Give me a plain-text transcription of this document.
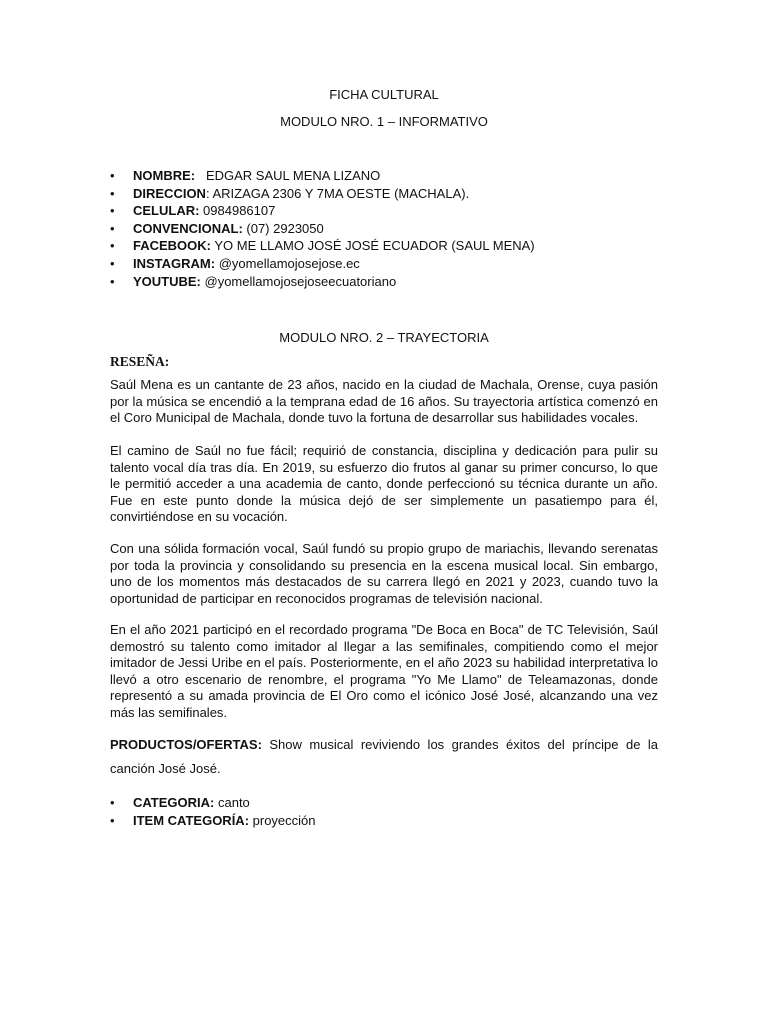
FICHA CULTURAL
MODULO NRO. 1 – INFORMATIVO
• NOMBRE:   EDGAR SAUL MENA LIZANO
• DIRECCION: ARIZAGA 2306 Y 7MA OESTE (MACHALA).
• CELULAR: 0984986107
• CONVENCIONAL: (07) 2923050
• FACEBOOK: YO ME LLAMO JOSÉ JOSÉ ECUADOR (SAUL MENA)
• INSTAGRAM: @yomellamojosejose.ec
• YOUTUBE: @yomellamojosejoseecuatoriano
MODULO NRO. 2 – TRAYECTORIA
RESEÑA:

Saúl Mena es un cantante de 23 años, nacido en la ciudad de Machala, Orense, cuya pasión por la música se encendió a la temprana edad de 16 años. Su trayectoria artística comenzó en el Coro Municipal de Machala, donde tuvo la fortuna de desarrollar sus habilidades vocales.

El camino de Saúl no fue fácil; requirió de constancia, disciplina y dedicación para pulir su talento vocal día tras día. En 2019, su esfuerzo dio frutos al ganar su primer concurso, lo que le permitió acceder a una academia de canto, donde perfeccionó su técnica durante un año. Fue en este punto donde la música dejó de ser simplemente un pasatiempo para él, convirtiéndose en su vocación.

Con una sólida formación vocal, Saúl fundó su propio grupo de mariachis, llevando serenatas por toda la provincia y consolidando su presencia en la escena musical local. Sin embargo, uno de los momentos más destacados de su carrera llegó en 2021 y 2023, cuando tuvo la oportunidad de participar en reconocidos programas de televisión nacional.

En el año 2021 participó en el recordado programa "De Boca en Boca" de TC Televisión, Saúl demostró su talento como imitador al llegar a las semifinales, compitiendo como el mejor imitador de Jessi Uribe en el país. Posteriormente, en el año 2023 su habilidad interpretativa lo llevó a otro escenario de renombre, el programa "Yo Me Llamo" de Teleamazonas, donde representó a su amada provincia de El Oro como el icónico José José, alcanzando una vez más las semifinales.

PRODUCTOS/OFERTAS: Show musical reviviendo los grandes éxitos del príncipe de la canción José José.

• CATEGORIA: canto
• ITEM CATEGORÍA: proyección
